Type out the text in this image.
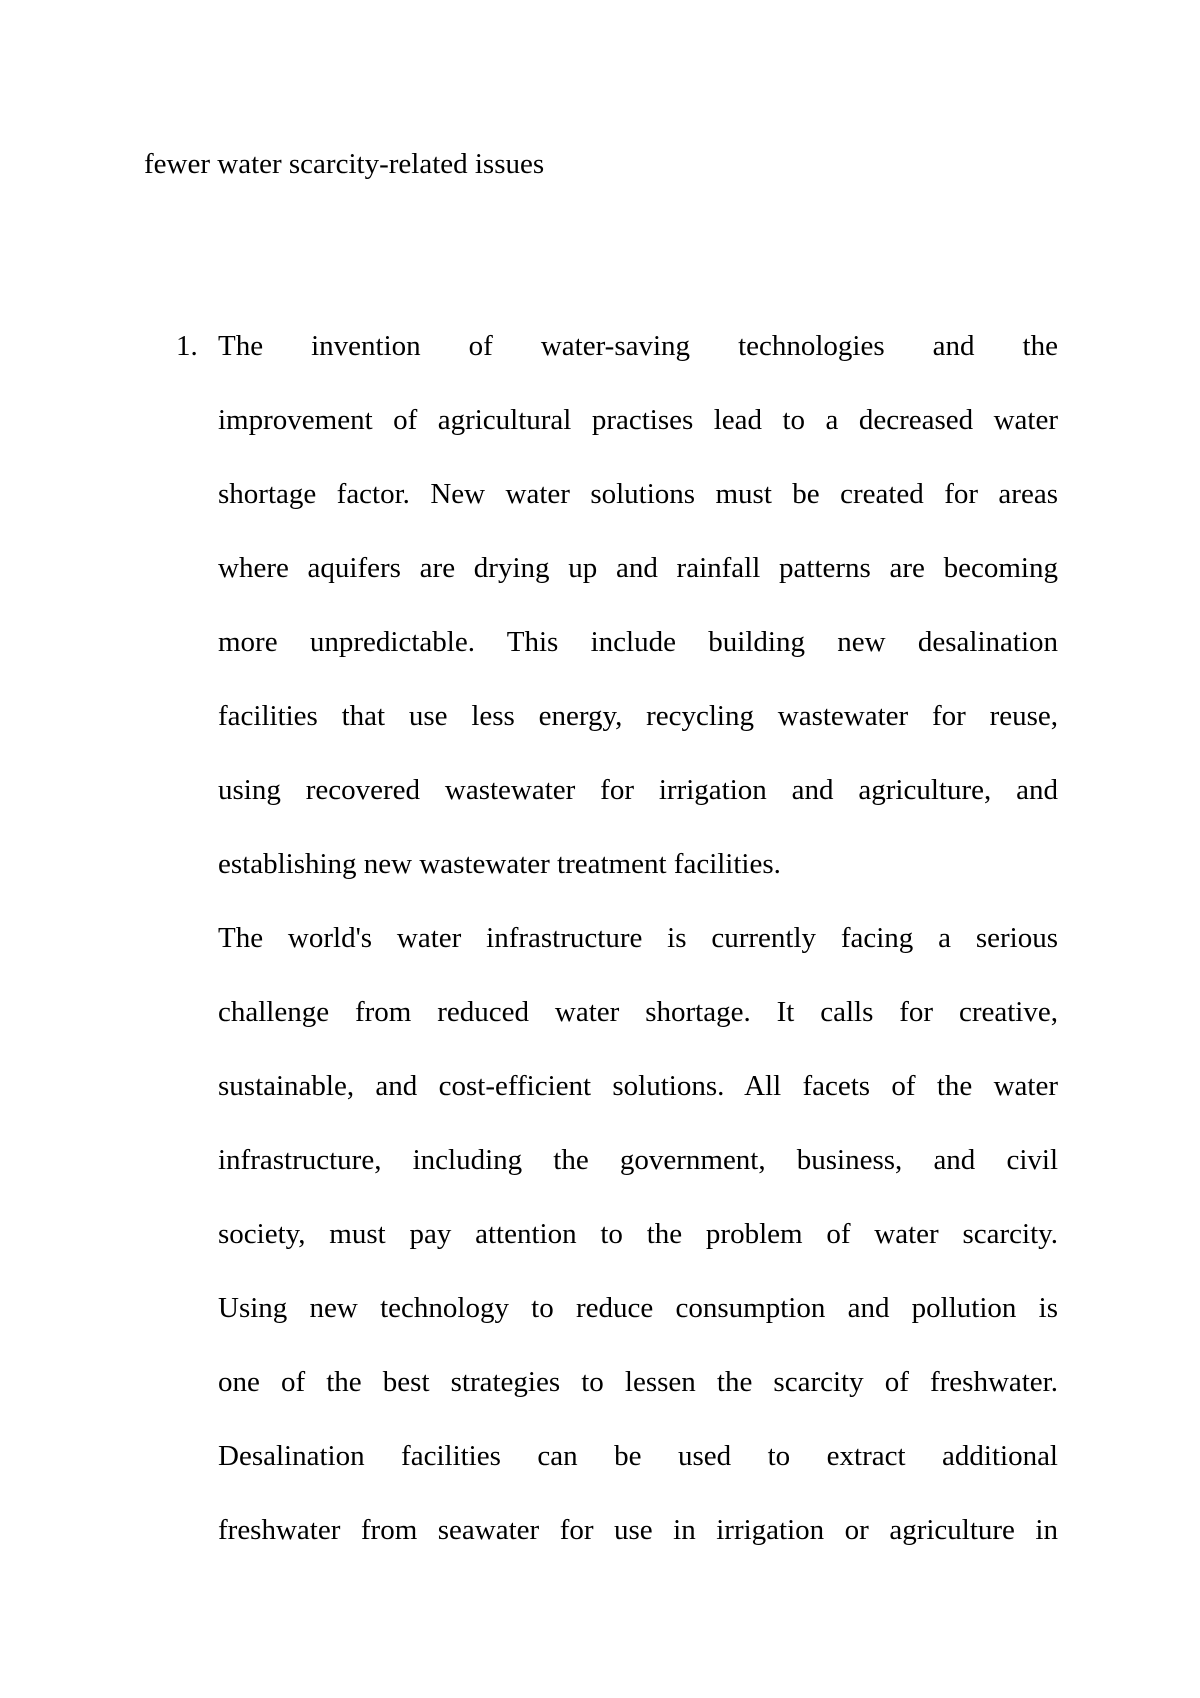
fewer water scarcity-related issues
1. The invention of water-saving technologies and the
improvement of agricultural practises lead to a decreased water
shortage factor. New water solutions must be created for areas
where aquifers are drying up and rainfall patterns are becoming
more unpredictable. This include building new desalination
facilities that use less energy, recycling wastewater for reuse,
using recovered wastewater for irrigation and agriculture, and
establishing new wastewater treatment facilities.
The world's water infrastructure is currently facing a serious
challenge from reduced water shortage. It calls for creative,
sustainable, and cost-efficient solutions. All facets of the water
infrastructure, including the government, business, and civil
society, must pay attention to the problem of water scarcity.
Using new technology to reduce consumption and pollution is
one of the best strategies to lessen the scarcity of freshwater.
Desalination facilities can be used to extract additional
freshwater from seawater for use in irrigation or agriculture in
